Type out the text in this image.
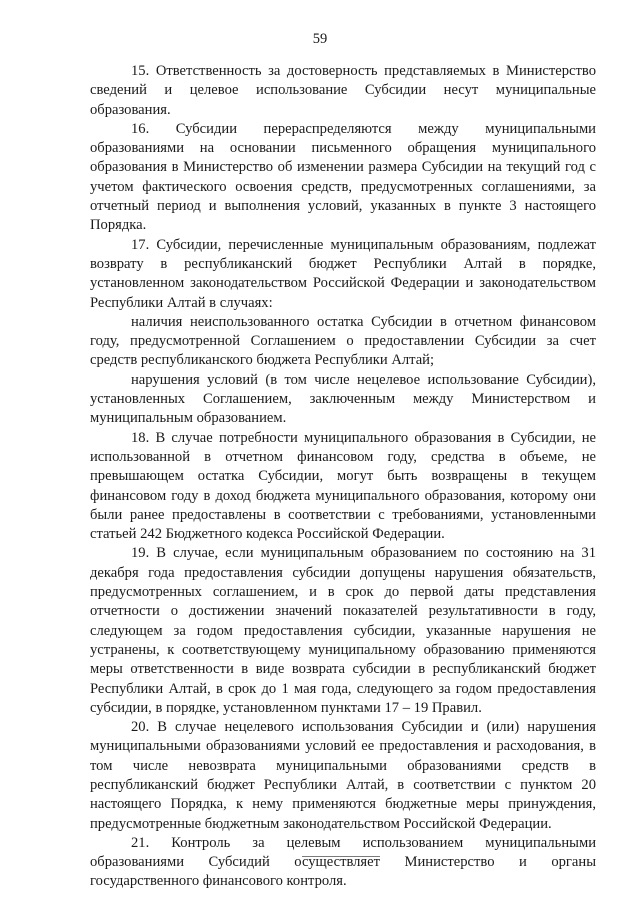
59

15. Ответственность за достоверность представляемых в Министерство сведений и целевое использование Субсидии несут муниципальные образования.

16. Субсидии перераспределяются между муниципальными образованиями на основании письменного обращения муниципального образования в Министерство об изменении размера Субсидии на текущий год с учетом фактического освоения средств, предусмотренных соглашениями, за отчетный период и выполнения условий, указанных в пункте 3 настоящего Порядка.

17. Субсидии, перечисленные муниципальным образованиям, подлежат возврату в республиканский бюджет Республики Алтай в порядке, установленном законодательством Российской Федерации и законодательством Республики Алтай в случаях:

наличия неиспользованного остатка Субсидии в отчетном финансовом году, предусмотренной Соглашением о предоставлении Субсидии за счет средств республиканского бюджета Республики Алтай;

нарушения условий (в том числе нецелевое использование Субсидии), установленных Соглашением, заключенным между Министерством и муниципальным образованием.

18. В случае потребности муниципального образования в Субсидии, не использованной в отчетном финансовом году, средства в объеме, не превышающем остатка Субсидии, могут быть возвращены в текущем финансовом году в доход бюджета муниципального образования, которому они были ранее предоставлены в соответствии с требованиями, установленными статьей 242 Бюджетного кодекса Российской Федерации.

19. В случае, если муниципальным образованием по состоянию на 31 декабря года предоставления субсидии допущены нарушения обязательств, предусмотренных соглашением, и в срок до первой даты представления отчетности о достижении значений показателей результативности в году, следующем за годом предоставления субсидии, указанные нарушения не устранены, к соответствующему муниципальному образованию применяются меры ответственности в виде возврата субсидии в республиканский бюджет Республики Алтай, в срок до 1 мая года, следующего за годом предоставления субсидии, в порядке, установленном пунктами 17 – 19 Правил.

20. В случае нецелевого использования Субсидии и (или) нарушения муниципальными образованиями условий ее предоставления и расходования, в том числе невозврата муниципальными образованиями средств в республиканский бюджет Республики Алтай, в соответствии с пунктом 20 настоящего Порядка, к нему применяются бюджетные меры принуждения, предусмотренные бюджетным законодательством Российской Федерации.

21. Контроль за целевым использованием муниципальными образованиями Субсидий осуществляет Министерство и органы государственного финансового контроля.
